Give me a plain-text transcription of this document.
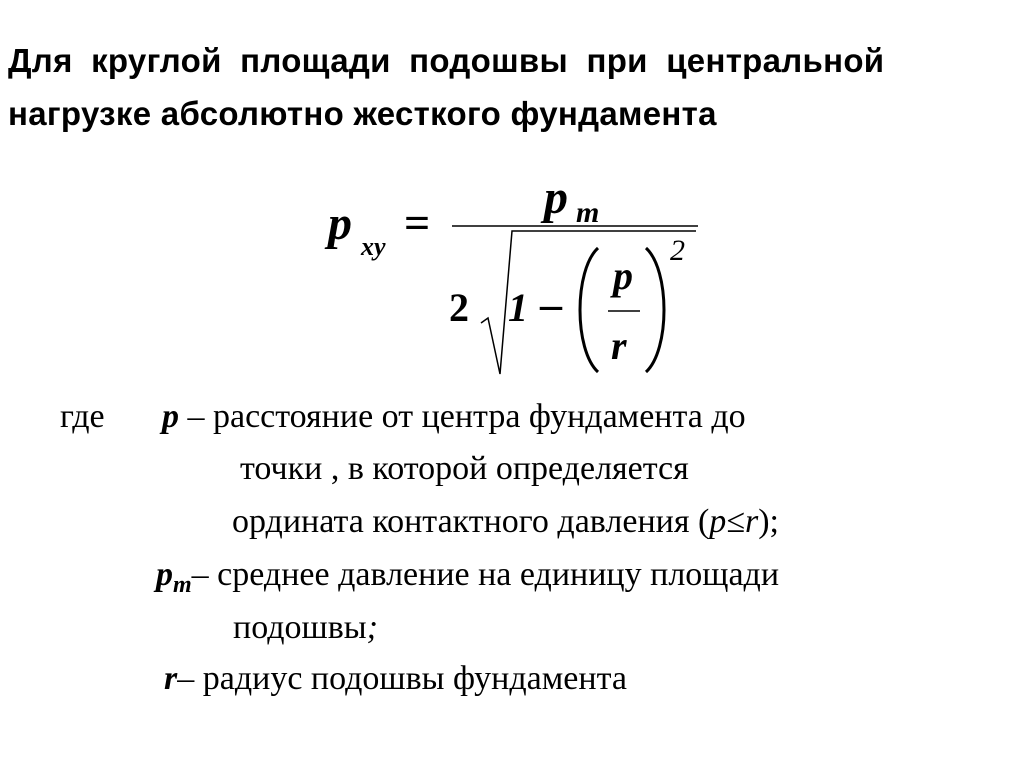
Для круглой площади подошвы при центральной
нагрузке абсолютно жесткого фундамента
p xy = p m
2 1 –
p
r
2
где p – расстояние от центра фундамента до
точки , в которой определяется
ордината контактного давления (p≤r);
$p_m-$ среднее давление на единицу площади
подошвы;
r– радиус подошвы фундамента
